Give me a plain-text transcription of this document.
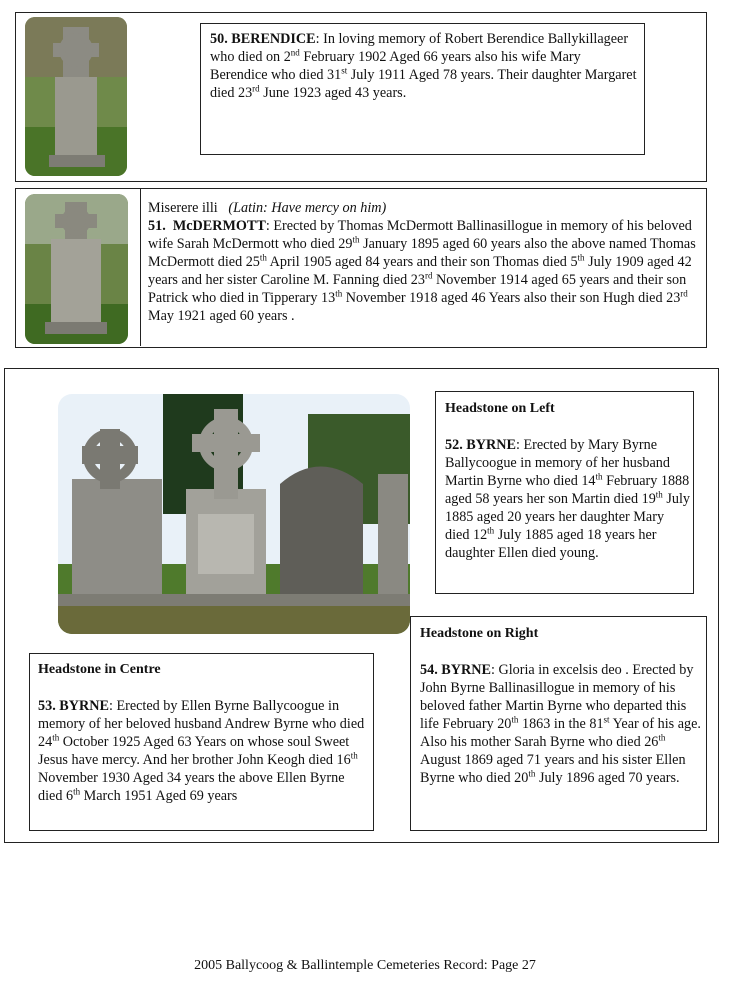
50. BERENDICE: In loving memory of Robert Berendice Ballykillageer who died on 2nd February 1902 Aged 66 years also his wife Mary Berendice who died 31st July 1911 Aged 78 years. Their daughter Margaret died 23rd June 1923 aged 43 years.
Miserere illi (Latin: Have mercy on him)
51. McDERMOTT: Erected by Thomas McDermott Ballinasillogue in memory of his beloved wife Sarah McDermott who died 29th January 1895 aged 60 years also the above named Thomas McDermott died 25th April 1905 aged 84 years and their son Thomas died 5th July 1909 aged 42 years and her sister Caroline M. Fanning died 23rd November 1914 aged 65 years and their son Patrick who died in Tipperary 13th November 1918 aged 46 Years also their son Hugh died 23rd May 1921 aged 60 years .
Headstone on Left

52. BYRNE: Erected by Mary Byrne Ballycoogue in memory of her husband Martin Byrne who died 14th February 1888 aged 58 years her son Martin died 19th July 1885 aged 20 years her daughter Mary died 12th July 1885 aged 18 years her daughter Ellen died young.
Headstone in Centre

53. BYRNE: Erected by Ellen Byrne Ballycoogue in memory of her beloved husband Andrew Byrne who died 24th October 1925 Aged 63 Years on whose soul Sweet Jesus have mercy. And her brother John Keogh died 16th November 1930 Aged 34 years the above Ellen Byrne died 6th March 1951 Aged 69 years
Headstone on Right

54. BYRNE: Gloria in excelsis deo . Erected by John Byrne Ballinasillogue in memory of his beloved father Martin Byrne who departed this life February 20th 1863 in the 81st Year of his age. Also his mother Sarah Byrne who died 26th August 1869 aged 71 years and his sister Ellen Byrne who died 20th July 1896 aged 70 years.
2005 Ballycoog & Ballintemple Cemeteries Record: Page 27
